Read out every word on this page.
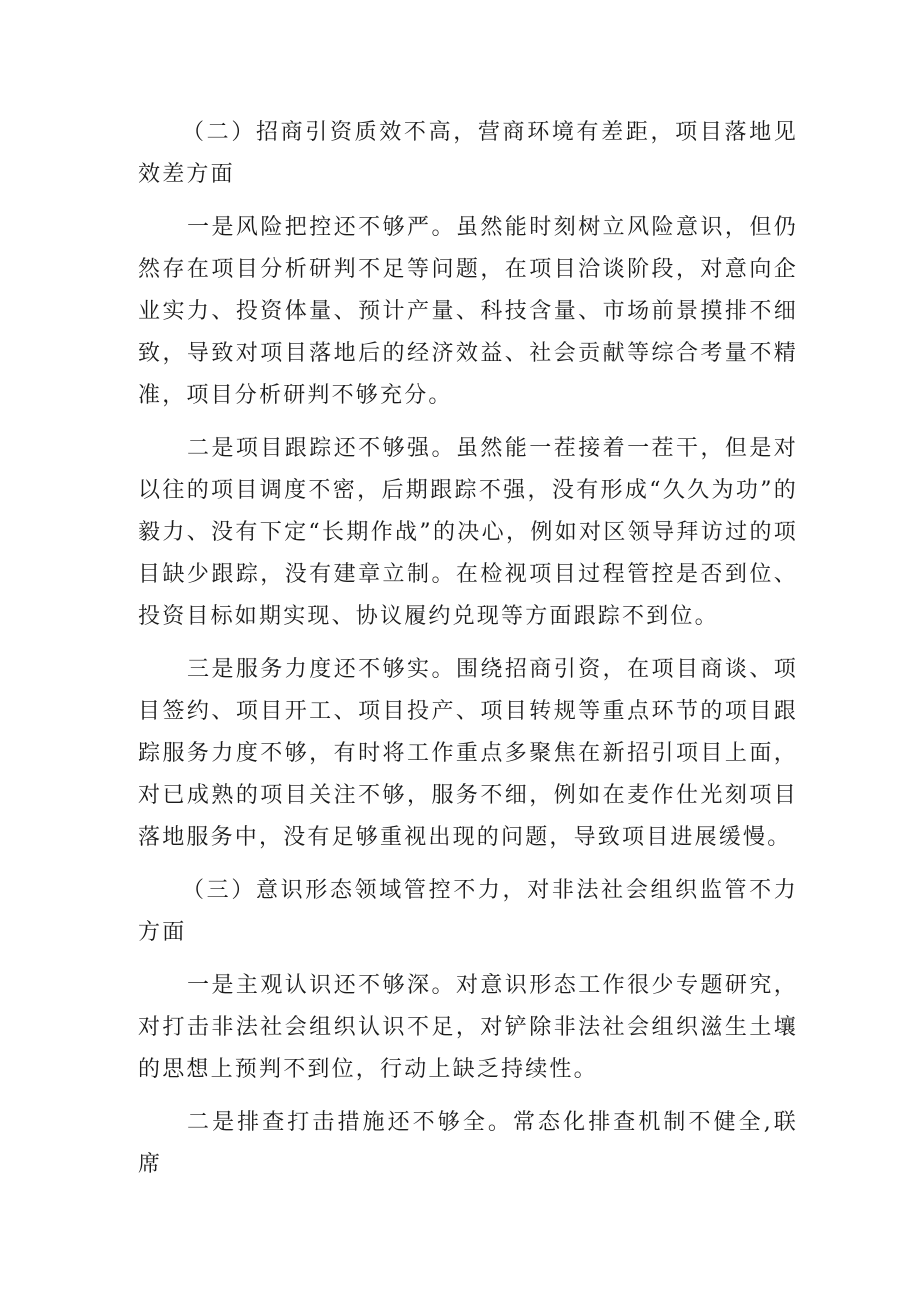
（二）招商引资质效不高，营商环境有差距，项目落地见效差方面
一是风险把控还不够严。虽然能时刻树立风险意识，但仍然存在项目分析研判不足等问题，在项目洽谈阶段，对意向企业实力、投资体量、预计产量、科技含量、市场前景摸排不细致，导致对项目落地后的经济效益、社会贡献等综合考量不精准，项目分析研判不够充分。
二是项目跟踪还不够强。虽然能一茬接着一茬干，但是对以往的项目调度不密，后期跟踪不强，没有形成“久久为功”的毅力、没有下定“长期作战”的决心，例如对区领导拜访过的项目缺少跟踪，没有建章立制。在检视项目过程管控是否到位、投资目标如期实现、协议履约兑现等方面跟踪不到位。
三是服务力度还不够实。围绕招商引资，在项目商谈、项目签约、项目开工、项目投产、项目转规等重点环节的项目跟踪服务力度不够，有时将工作重点多聚焦在新招引项目上面，对已成熟的项目关注不够，服务不细，例如在麦作仕光刻项目落地服务中，没有足够重视出现的问题，导致项目进展缓慢。
（三）意识形态领域管控不力，对非法社会组织监管不力方面
一是主观认识还不够深。对意识形态工作很少专题研究，对打击非法社会组织认识不足，对铲除非法社会组织滋生土壤的思想上预判不到位，行动上缺乏持续性。
二是排查打击措施还不够全。常态化排查机制不健全,联席
